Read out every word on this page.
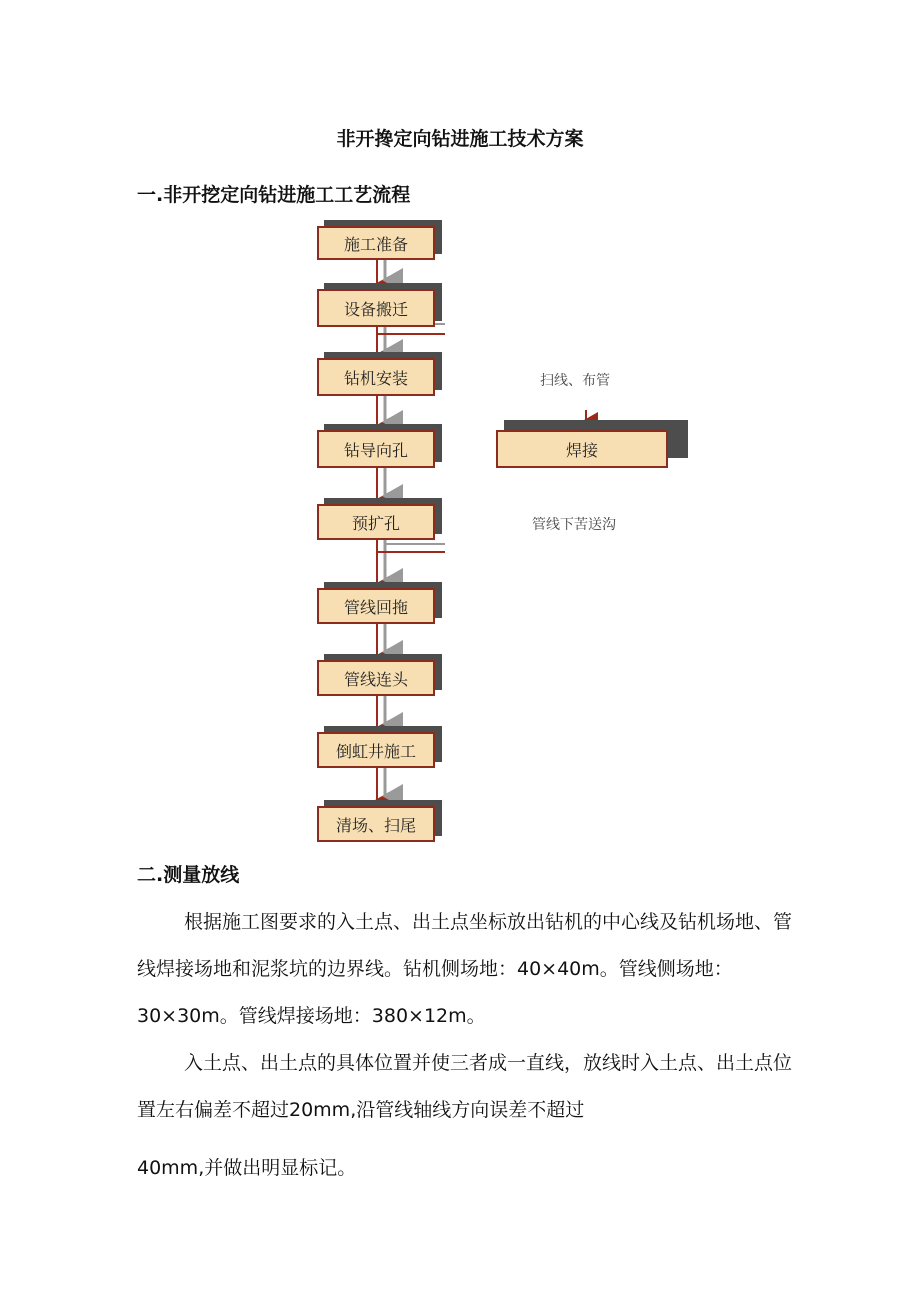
非开搀定向钻进施工技术方案
一.非开挖定向钻进施工工艺流程
施工准备
设备搬迁
钻机安装
钻导向孔
预扩孔
管线回拖
管线连头
倒虹井施工
清场、扫尾
焊接
扫线、布管
管线下苦送沟
二.测量放线
根据施工图要求的入土点、出土点坐标放出钻机的中心线及钻机场地、管线焊接场地和泥浆坑的边界线。钻机侧场地：40×40m。管线侧场地：30×30m。管线焊接场地：380×12m。
入土点、出土点的具体位置并使三者成一直线，放线时入土点、出土点位置左右偏差不超过20mm,沿管线轴线方向误差不超过
40mm,并做出明显标记。
